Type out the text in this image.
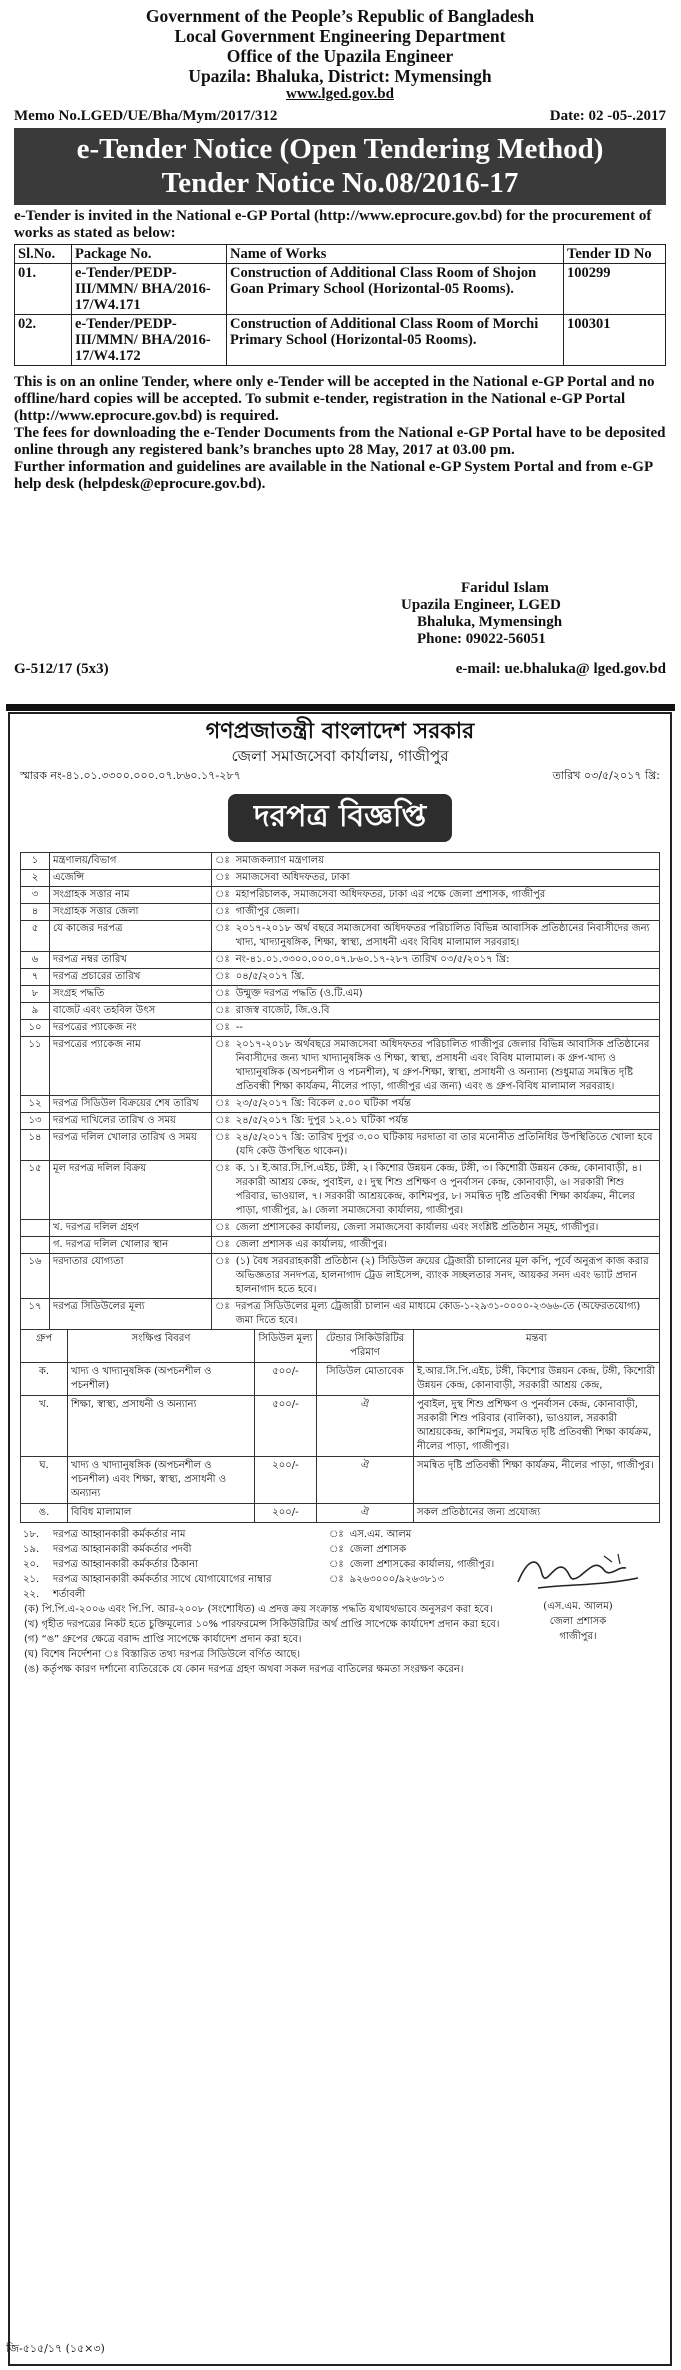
Government of the People’s Republic of Bangladesh
Local Government Engineering Department
Office of the Upazila Engineer
Upazila: Bhaluka, District: Mymensingh
www.lged.gov.bd
Memo No.LGED/UE/Bha/Mym/2017/312	Date: 02 -05-.2017
e-Tender Notice (Open Tendering Method)
Tender Notice No.08/2016-17
e-Tender is invited in the National e-GP Portal (http://www.eprocure.gov.bd) for the procurement of works as stated as below:
Sl.No.	Package No.	Name of Works	Tender ID No
01.	e-Tender/PEDP-III/MMN/ BHA/2016-17/W4.171	Construction of Additional Class Room of Shojon Goan Primary School (Horizontal-05 Rooms).	100299
02.	e-Tender/PEDP-III/MMN/ BHA/2016-17/W4.172	Construction of Additional Class Room of Morchi Primary School (Horizontal-05 Rooms).	100301
This is on an online Tender, where only e-Tender will be accepted in the National e-GP Portal and no offline/hard copies will be accepted. To submit e-tender, registration in the National e-GP Portal (http://www.eprocure.gov.bd) is required.
The fees for downloading the e-Tender Documents from the National e-GP Portal have to be deposited online through any registered bank’s branches upto 28 May, 2017 at 03.00 pm.
Further information and guidelines are available in the National e-GP System Portal and from e-GP help desk (helpdesk@eprocure.gov.bd).
Faridul Islam
Upazila Engineer, LGED
Bhaluka, Mymensingh
Phone: 09022-56051
G-512/17 (5x3)	e-mail: ue.bhaluka@ lged.gov.bd
গণপ্রজাতন্ত্রী বাংলাদেশ সরকার
জেলা সমাজসেবা কার্যালয়, গাজীপুর
স্মারক নং-৪১.০১.৩৩০০.০০০.০৭.৮৬০.১৭-২৮৭	তারিখ ০৩/৫/২০১৭ খ্রি:
দরপত্র বিজ্ঞপ্তি
১	মন্ত্রণালয়/বিভাগ	ঃ	সমাজকল্যাণ মন্ত্রণালয়
২	এজেন্সি	ঃ	সমাজসেবা অধিদফতর, ঢাকা
৩	সংগ্রাহক সত্তার নাম	ঃ	মহাপরিচালক, সমাজসেবা অধিদফতর, ঢাকা এর পক্ষে জেলা প্রশাসক, গাজীপুর
৪	সংগ্রাহক সত্তার জেলা	ঃ	গাজীপুর জেলা।
৫	যে কাজের দরপত্র	ঃ	২০১৭-২০১৮ অর্থ বছরে সমাজসেবা অধিদফতর পরিচালিত বিভিন্ন আবাসিক প্রতিষ্ঠানের নিবাসীদের জন্য খাদ্য, খাদ্যানুষঙ্গিক, শিক্ষা, স্বাস্থ্য, প্রসাধনী এবং বিবিধ মালামাল সরবরাহ।
৬	দরপত্র নম্বর তারিখ	ঃ	নং-৪১.০১.৩৩০০.০০০.০৭.৮৬০.১৭-২৮৭ তারিখ ০৩/৫/২০১৭ খ্রি:
৭	দরপত্র প্রচারের তারিখ	ঃ	০৪/৫/২০১৭ খ্রি.
৮	সংগ্রহ পদ্ধতি	ঃ	উন্মুক্ত দরপত্র পদ্ধতি (ও.টি.এম)
৯	বাজেট এবং তহবিল উৎস	ঃ	রাজস্ব বাজেট, জি.ও.বি
১০	দরপত্রের প্যাকেজ নং	ঃ	--
১১	দরপত্রের প্যাকেজ নাম	ঃ	২০১৭-২০১৮ অর্থবছরে সমাজসেবা অধিদফতর পরিচালিত গাজীপুর জেলার বিভিন্ন আবাসিক প্রতিষ্ঠানের নিবাসীদের জন্য খাদ্য খাদ্যানুষঙ্গিক ও শিক্ষা, স্বাস্থ্য, প্রসাধনী এবং বিবিধ মালামাল। ক গ্রুপ-খাদ্য ও খাদ্যানুষঙ্গিক (অপচনশীল ও পচনশীল), খ গ্রুপ-শিক্ষা, স্বাস্থ্য, প্রসাধনী ও অন্যান্য (শুধুমাত্র সমন্বিত দৃষ্টি প্রতিবন্ধী শিক্ষা কার্যক্রম, নীলের পাড়া, গাজীপুর এর জন্য) এবং ঙ গ্রুপ-বিবিধ মালামাল সরবরাহ।
১২	দরপত্র সিডিউল বিক্রয়ের শেষ তারিখ	ঃ	২৩/৫/২০১৭ খ্রি: বিকেল ৫.০০ ঘটিকা পর্যন্ত
১৩	দরপত্র দাখিলের তারিখ ও সময়	ঃ	২৪/৫/২০১৭ খ্রি: দুপুর ১২.০১ ঘটিকা পর্যন্ত
১৪	দরপত্র দলিল খোলার তারিখ ও সময়	ঃ	২৪/৫/২০১৭ খ্রি: তারিখ দুপুর ৩.০০ ঘটিকায় দরদাতা বা তার মনোনীত প্রতিনিধির উপস্থিতিতে খোলা হবে (যদি কেউ উপস্থিত থাকেন)।
১৫	মূল দরপত্র দলিল বিক্রয়	ঃ	ক. ১। ই.আর.সি.পি.এইচ, টঙ্গী, ২। কিশোর উন্নয়ন কেন্দ্র, টঙ্গী, ৩। কিশোরী উন্নয়ন কেন্দ্র, কোনাবাড়ী, ৪। সরকারী আশ্রয় কেন্দ্র, পুবাইল, ৫। দুস্থ শিশু প্রশিক্ষণ ও পুনর্বাসন কেন্দ্র, কোনাবাড়ী, ৬। সরকারী শিশু পরিবার, ভাওয়াল, ৭। সরকারী আশ্রয়কেন্দ্র, কাশিমপুর, ৮। সমন্বিত দৃষ্টি প্রতিবন্ধী শিক্ষা কার্যক্রম, নীলের পাড়া, গাজীপুর, ৯। জেলা সমাজসেবা কার্যালয়, গাজীপুর।
	খ. দরপত্র দলিল গ্রহণ	ঃ	জেলা প্রশাসকের কার্যালয়, জেলা সমাজসেবা কার্যালয় এবং সংশ্লিষ্ট প্রতিষ্ঠান সমূহ, গাজীপুর।
	গ. দরপত্র দলিল খোলার স্থান	ঃ	জেলা প্রশাসক এর কার্যালয়, গাজীপুর।
১৬	দরদাতার যোগ্যতা	ঃ	(১) বৈধ সরবরাহকারী প্রতিষ্ঠান (২) সিডিউল ক্রয়ের ট্রেজারী চালানের মূল কপি, পূর্বে অনুরূপ কাজ করার অভিজ্ঞতার সনদপত্র, হালনাগাদ ট্রেড লাইসেন্স, ব্যাংক সচ্ছলতার সনদ, আয়কর সনদ এবং ভ্যাট প্রদান হালনাগাদ হতে হবে।
১৭	দরপত্র সিডিউলের মূল্য	ঃ	দরপত্র সিডিউলের মূল্য ট্রেজারী চালান এর মাধ্যমে কোড-১-২৯৩১-০০০০-২৩৬৬-তে (অফেরতযোগ্য) জমা দিতে হবে।
গ্রুপ	সংক্ষিপ্ত বিবরণ	সিডিউল মূল্য	টেন্ডার সিকিউরিটির পরিমাণ	মন্তব্য
ক.	খাদ্য ও খাদ্যানুষঙ্গিক (অপচনশীল ও পচনশীল)	৫০০/-	সিডিউল মোতাবেক	ই.আর.সি.পি.এইচ, টঙ্গী, কিশোর উন্নয়ন কেন্দ্র, টঙ্গী, কিশোরী উন্নয়ন কেন্দ্র, কোনাবাড়ী, সরকারী আশ্রয় কেন্দ্র,
খ.	শিক্ষা, স্বাস্থ্য, প্রসাধনী ও অন্যান্য	৫০০/-	ঐ	পুবাইল, দুস্থ শিশু প্রশিক্ষণ ও পুনর্বাসন কেন্দ্র, কোনাবাড়ী, সরকারী শিশু পরিবার (বালিকা), ভাওয়াল, সরকারী আশ্রয়কেন্দ্র, কাশিমপুর, সমন্বিত দৃষ্টি প্রতিবন্ধী শিক্ষা কার্যক্রম, নীলের পাড়া, গাজীপুর।
ঘ.	খাদ্য ও খাদ্যানুষঙ্গিক (অপচনশীল ও পচনশীল) এবং শিক্ষা, স্বাস্থ্য, প্রসাধনী ও অন্যান্য	২০০/-	ঐ	সমন্বিত দৃষ্টি প্রতিবন্ধী শিক্ষা কার্যক্রম, নীলের পাড়া, গাজীপুর।
ঙ.	বিবিধ মালামাল	২০০/-	ঐ	সকল প্রতিষ্ঠানের জন্য প্রযোজ্য
১৮.	দরপত্র আহ্বানকারী কর্মকর্তার নাম	ঃ	এস.এম. আলম
১৯.	দরপত্র আহ্বানকারী কর্মকর্তার পদবী	ঃ	জেলা প্রশাসক
২০.	দরপত্র আহ্বানকারী কর্মকর্তার ঠিকানা	ঃ	জেলা প্রশাসকের কার্যালয়, গাজীপুর।
২১.	দরপত্র আহ্বানকারী কর্মকর্তার সাথে যোগাযোগের নাম্বার	ঃ	৯২৬৩০০০/৯২৬৩৮১৩
২২.	শর্তাবলী		
(ক) পি.পি.এ-২০০৬ এবং পি.পি. আর-২০০৮ (সংশোধিত) এ প্রদত্ত ক্রয় সংক্রান্ত পদ্ধতি যথাযথভাবে অনুসরণ করা হবে।
(খ) গৃহীত দরপত্রের নিকট হতে চুক্তিমূল্যের ১০% পারফরমেন্স সিকিউরিটির অর্থ প্রাপ্তি সাপেক্ষে কার্যাদেশ প্রদান করা হবে।
(গ) “ঙ” গ্রুপের ক্ষেত্রে বরাদ্দ প্রাপ্তি সাপেক্ষে কার্যাদেশ প্রদান করা হবে।
(ঘ) বিশেষ নির্দেশনা ঃ বিস্তারিত তথ্য দরপত্র সিডিউলে বর্ণিত আছে।
(ঙ) কর্তৃপক্ষ কারণ দর্শানো ব্যতিরেকে যে কোন দরপত্র গ্রহণ অথবা সকল দরপত্র বাতিলের ক্ষমতা সংরক্ষণ করেন।
(এস.এম. আলম)
জেলা প্রশাসক
গাজীপুর।
জি-৫১৫/১৭ (১৫×৩)
